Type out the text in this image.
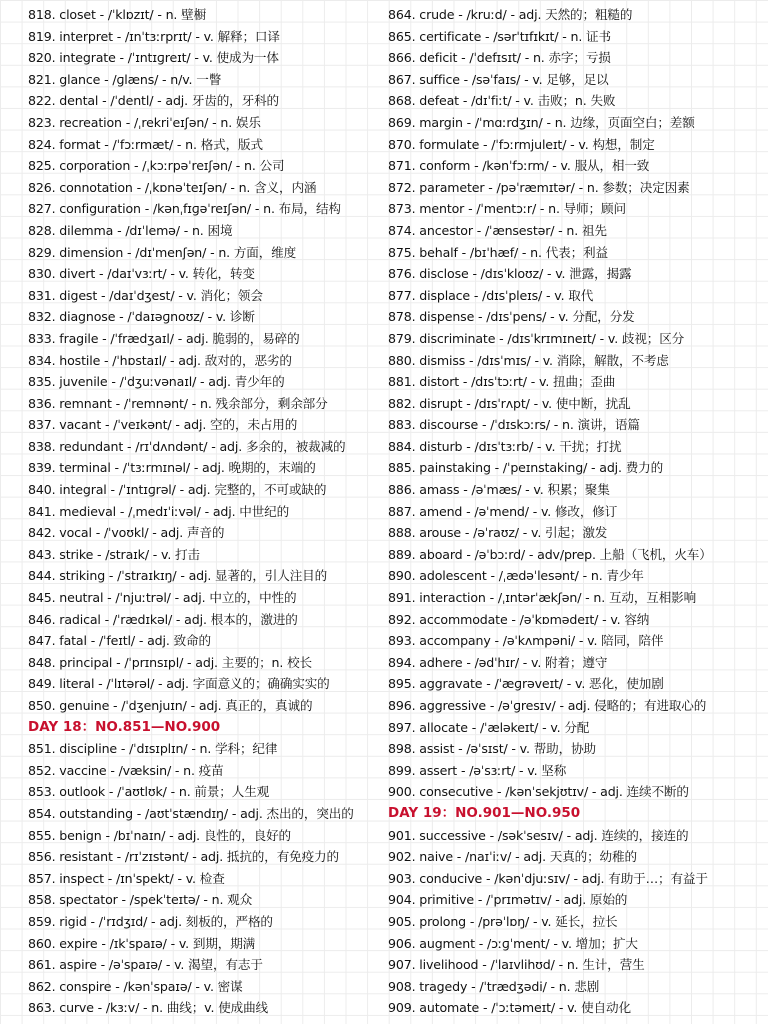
818. closet - /ˈklɒzɪt/ - n. 壁橱
819. interpret - /ɪnˈtɜːrprɪt/ - v. 解释；口译
820. integrate - /ˈɪntɪɡreɪt/ - v. 使成为一体
821. glance - /ɡlæns/ - n/v. 一瞥
822. dental - /ˈdentl/ - adj. 牙齿的，牙科的
823. recreation - /ˌrekriˈeɪʃən/ - n. 娱乐
824. format - /ˈfɔːrmæt/ - n. 格式，版式
825. corporation - /ˌkɔːrpəˈreɪʃən/ - n. 公司
826. connotation - /ˌkɒnəˈteɪʃən/ - n. 含义，内涵
827. configuration - /kənˌfɪɡəˈreɪʃən/ - n. 布局，结构
828. dilemma - /dɪˈlemə/ - n. 困境
829. dimension - /dɪˈmenʃən/ - n. 方面，维度
830. divert - /daɪˈvɜːrt/ - v. 转化，转变
831. digest - /daɪˈdʒest/ - v. 消化；领会
832. diagnose - /ˈdaɪəɡnoʊz/ - v. 诊断
833. fragile - /ˈfrædʒaɪl/ - adj. 脆弱的，易碎的
834. hostile - /ˈhɒstaɪl/ - adj. 敌对的，恶劣的
835. juvenile - /ˈdʒuːvənaɪl/ - adj. 青少年的
836. remnant - /ˈremnənt/ - n. 残余部分，剩余部分
837. vacant - /ˈveɪkənt/ - adj. 空的，未占用的
838. redundant - /rɪˈdʌndənt/ - adj. 多余的，被裁减的
839. terminal - /ˈtɜːrmɪnəl/ - adj. 晚期的，末端的
840. integral - /ˈɪntɪɡrəl/ - adj. 完整的，不可或缺的
841. medieval - /ˌmedɪˈiːvəl/ - adj. 中世纪的
842. vocal - /ˈvoʊkl/ - adj. 声音的
843. strike - /straɪk/ - v. 打击
844. striking - /ˈstraɪkɪŋ/ - adj. 显著的，引人注目的
845. neutral - /ˈnjuːtrəl/ - adj. 中立的，中性的
846. radical - /ˈrædɪkəl/ - adj. 根本的，激进的
847. fatal - /ˈfeɪtl/ - adj. 致命的
848. principal - /ˈprɪnsɪpl/ - adj. 主要的；n. 校长
849. literal - /ˈlɪtərəl/ - adj. 字面意义的；确确实实的
850. genuine - /ˈdʒenjuɪn/ - adj. 真正的，真诚的
DAY 18：NO.851—NO.900
851. discipline - /ˈdɪsɪplɪn/ - n. 学科；纪律
852. vaccine - /væksin/ - n. 疫苗
853. outlook - /ˈaʊtlʊk/ - n. 前景；人生观
854. outstanding - /aʊtˈstændɪŋ/ - adj. 杰出的，突出的
855. benign - /bɪˈnaɪn/ - adj. 良性的，良好的
856. resistant - /rɪˈzɪstənt/ - adj. 抵抗的，有免疫力的
857. inspect - /ɪnˈspekt/ - v. 检查
858. spectator - /spekˈteɪtə/ - n. 观众
859. rigid - /ˈrɪdʒɪd/ - adj. 刻板的，严格的
860. expire - /ɪkˈspaɪə/ - v. 到期，期满
861. aspire - /əˈspaɪə/ - v. 渴望，有志于
862. conspire - /kənˈspaɪə/ - v. 密谋
863. curve - /kɜːv/ - n. 曲线；v. 使成曲线
864. crude - /kruːd/ - adj. 天然的；粗糙的
865. certificate - /sərˈtɪfɪkɪt/ - n. 证书
866. deficit - /ˈdefɪsɪt/ - n. 赤字；亏损
867. suffice - /səˈfaɪs/ - v. 足够，足以
868. defeat - /dɪˈfiːt/ - v. 击败；n. 失败
869. margin - /ˈmɑːrdʒɪn/ - n. 边缘，页面空白；差额
870. formulate - /ˈfɔːrmjuleɪt/ - v. 构想，制定
871. conform - /kənˈfɔːrm/ - v. 服从，相一致
872. parameter - /pəˈræmɪtər/ - n. 参数；决定因素
873. mentor - /ˈmentɔːr/ - n. 导师；顾问
874. ancestor - /ˈænsestər/ - n. 祖先
875. behalf - /bɪˈhæf/ - n. 代表；利益
876. disclose - /dɪsˈkloʊz/ - v. 泄露，揭露
877. displace - /dɪsˈpleɪs/ - v. 取代
878. dispense - /dɪsˈpens/ - v. 分配，分发
879. discriminate - /dɪsˈkrɪmɪneɪt/ - v. 歧视；区分
880. dismiss - /dɪsˈmɪs/ - v. 消除，解散，不考虑
881. distort - /dɪsˈtɔːrt/ - v. 扭曲；歪曲
882. disrupt - /dɪsˈrʌpt/ - v. 使中断，扰乱
883. discourse - /ˈdɪskɔːrs/ - n. 演讲，语篇
884. disturb - /dɪsˈtɜːrb/ - v. 干扰；打扰
885. painstaking - /ˈpeɪnstaking/ - adj. 费力的
886. amass - /əˈmæs/ - v. 积累；聚集
887. amend - /əˈmend/ - v. 修改，修订
888. arouse - /əˈraʊz/ - v. 引起；激发
889. aboard - /əˈbɔːrd/ - adv/prep. 上船（飞机，火车）
890. adolescent - /ˌædəˈlesənt/ - n. 青少年
891. interaction - /ˌɪntərˈækʃən/ - n. 互动，互相影响
892. accommodate - /əˈkɒmədeɪt/ - v. 容纳
893. accompany - /əˈkʌmpəni/ - v. 陪同，陪伴
894. adhere - /ədˈhɪr/ - v. 附着；遵守
895. aggravate - /ˈæɡrəveɪt/ - v. 恶化，使加剧
896. aggressive - /əˈɡresɪv/ - adj. 侵略的；有进取心的
897. allocate - /ˈæləkeɪt/ - v. 分配
898. assist - /əˈsɪst/ - v. 帮助，协助
899. assert - /əˈsɜːrt/ - v. 坚称
900. consecutive - /kənˈsekjʊtɪv/ - adj. 连续不断的
DAY 19：NO.901—NO.950
901. successive - /səkˈsesɪv/ - adj. 连续的，接连的
902. naive - /naɪˈiːv/ - adj. 天真的；幼稚的
903. conducive - /kənˈdjuːsɪv/ - adj. 有助于…；有益于
904. primitive - /ˈprɪmətɪv/ - adj. 原始的
905. prolong - /prəˈlɒŋ/ - v. 延长，拉长
906. augment - /ɔːɡˈment/ - v. 增加；扩大
907. livelihood - /ˈlaɪvlihʊd/ - n. 生计，营生
908. tragedy - /ˈtrædʒədi/ - n. 悲剧
909. automate - /ˈɔːtəmeɪt/ - v. 使自动化
